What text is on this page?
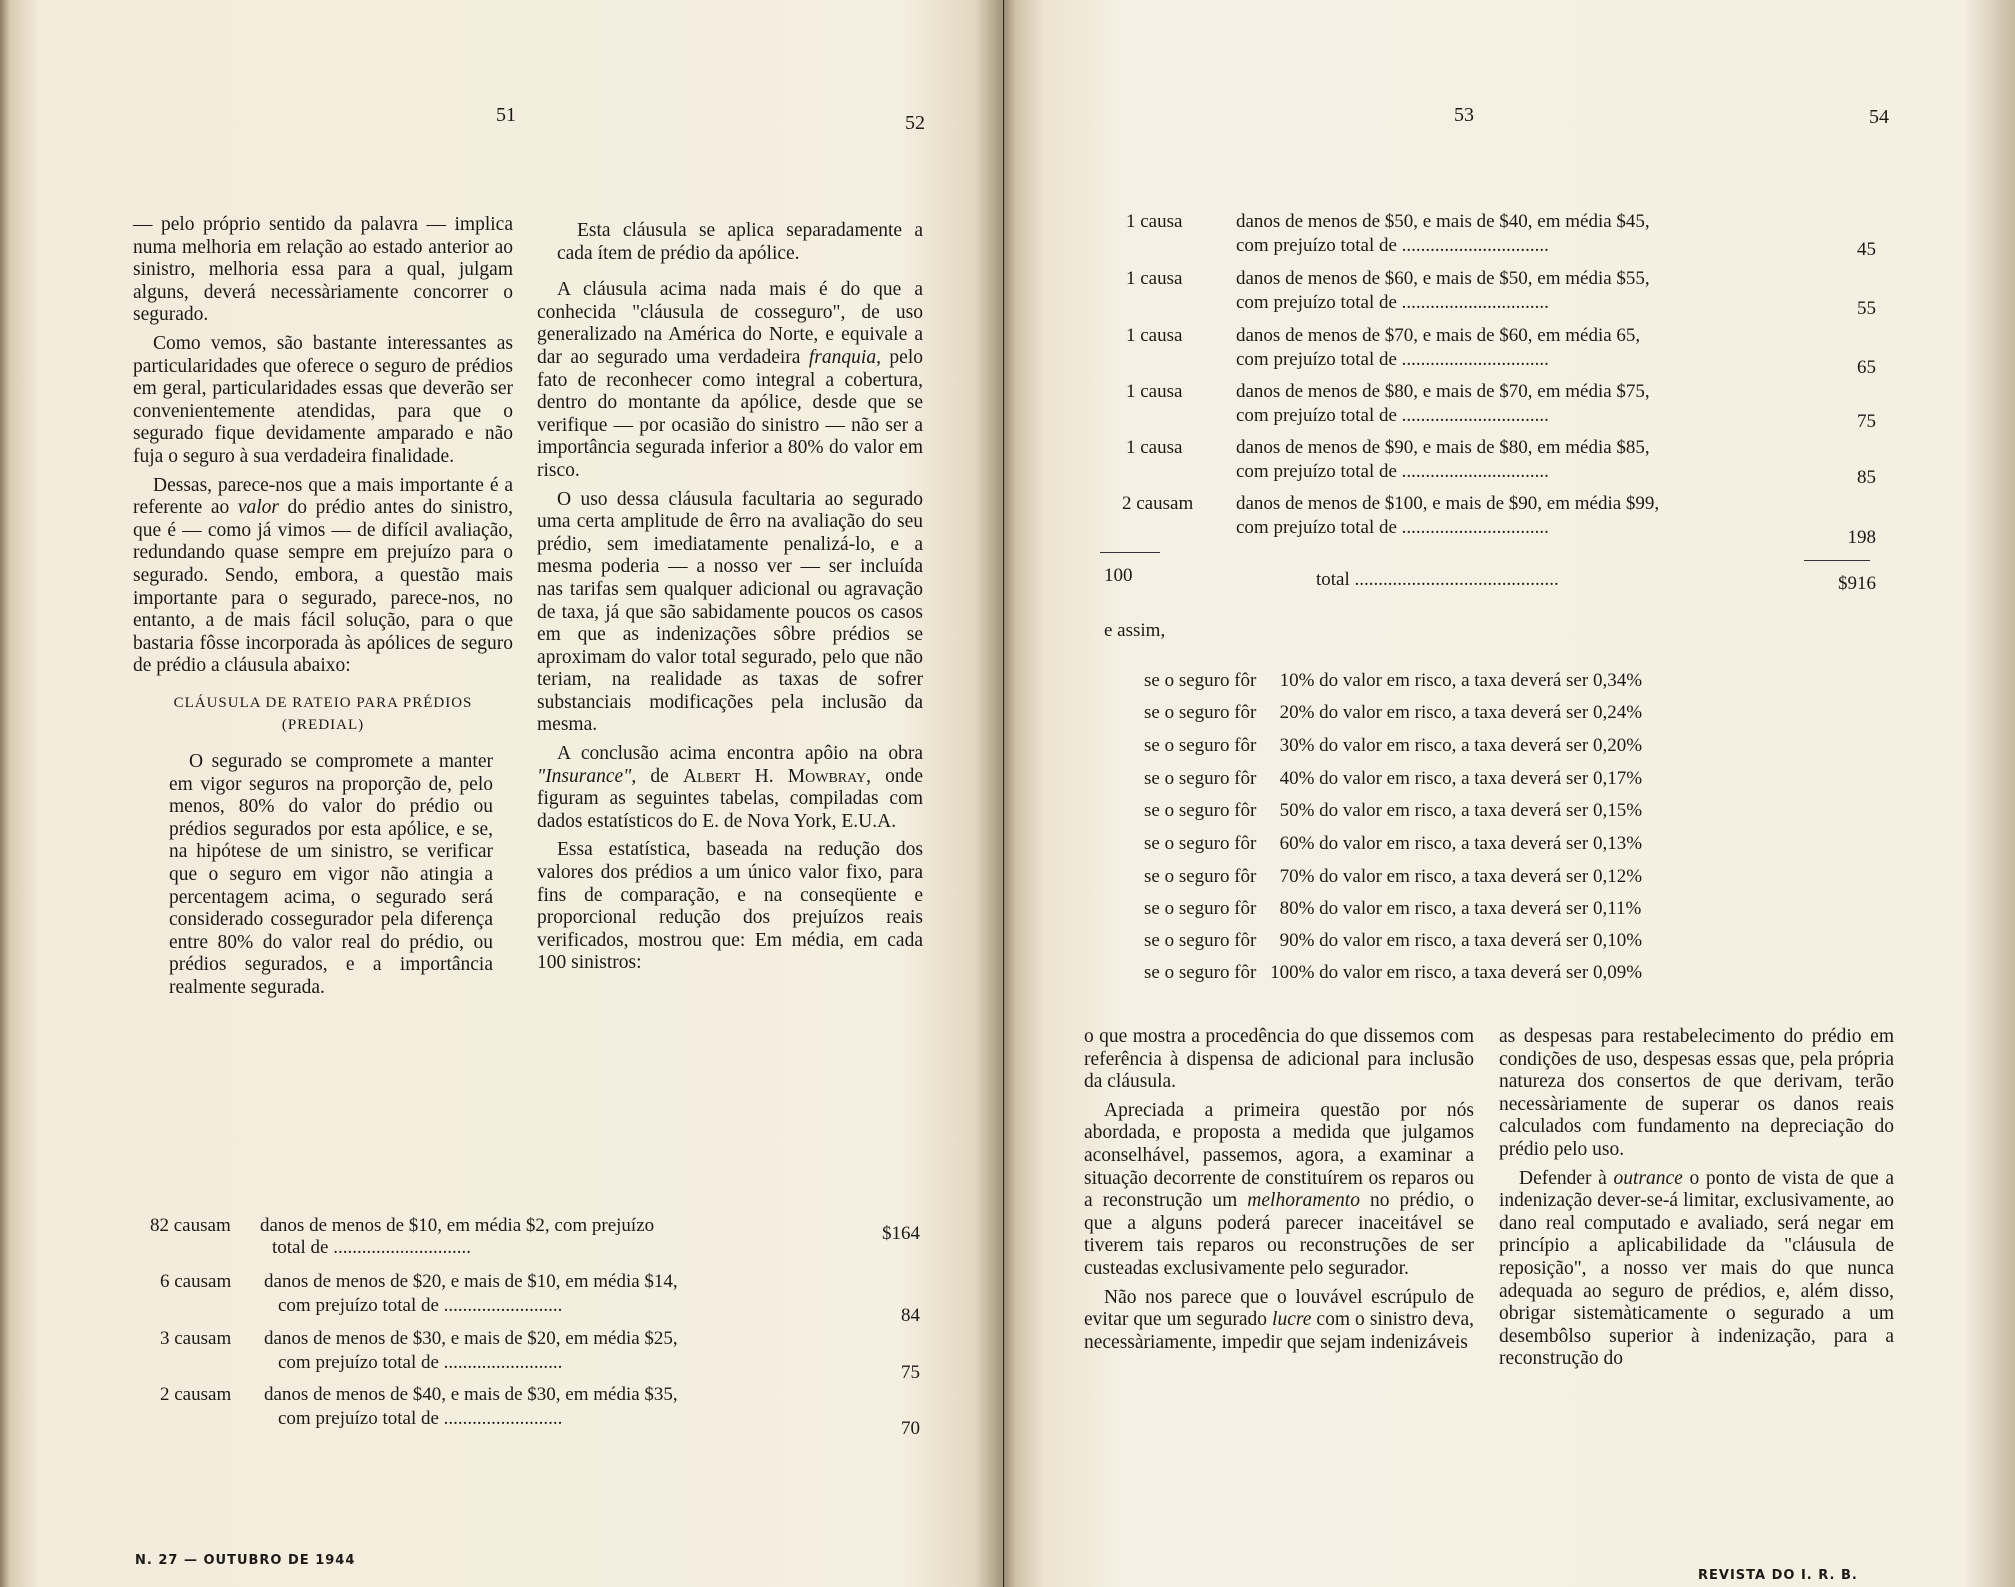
51	52

— pelo próprio sentido da palavra — implica numa melhoria em relação ao estado anterior ao sinistro, melhoria essa para a qual, julgam alguns, deverá necessàriamente concorrer o segurado.

Como vemos, são bastante interessantes as particularidades que oferece o seguro de prédios em geral, particularidades essas que deverão ser convenientemente atendidas, para que o segurado fique devidamente amparado e não fuja o seguro à sua verdadeira finalidade.

Dessas, parece-nos que a mais importante é a referente ao valor do prédio antes do sinistro, que é — como já vimos — de difícil avaliação, redundando quase sempre em prejuízo para o segurado. Sendo, embora, a questão mais importante para o segurado, parece-nos, no entanto, a de mais fácil solução, para o que bastaria fôsse incorporada às apólices de seguro de prédio a cláusula abaixo:

CLÁUSULA DE RATEIO PARA PRÉDIOS
(PREDIAL)

O segurado se compromete a manter em vigor seguros na proporção de, pelo menos, 80% do valor do prédio ou prédios segurados por esta apólice, e se, na hipótese de um sinistro, se verificar que o seguro em vigor não atingia a percentagem acima, o segurado será considerado cossegurador pela diferença entre 80% do valor real do prédio, ou prédios segurados, e a importância realmente segurada.

Esta cláusula se aplica separadamente a cada ítem de prédio da apólice.

A cláusula acima nada mais é do que a conhecida "cláusula de cosseguro", de uso generalizado na América do Norte, e equivale a dar ao segurado uma verdadeira franquia, pelo fato de reconhecer como integral a cobertura, dentro do montante da apólice, desde que se verifique — por ocasião do sinistro — não ser a importância segurada inferior a 80% do valor em risco.

O uso dessa cláusula facultaria ao segurado uma certa amplitude de êrro na avaliação do seu prédio, sem imediatamente penalizá-lo, e a mesma poderia — a nosso ver — ser incluída nas tarifas sem qualquer adicional ou agravação de taxa, já que são sabidamente poucos os casos em que as indenizações sôbre prédios se aproximam do valor total segurado, pelo que não teriam, na realidade as taxas de sofrer substanciais modificações pela inclusão da mesma.

A conclusão acima encontra apôio na obra "Insurance", de Albert H. Mowbray, onde figuram as seguintes tabelas, compiladas com dados estatísticos do E. de Nova York, E.U.A.

Essa estatística, baseada na redução dos valores dos prédios a um único valor fixo, para fins de comparação, e na conseqüente e proporcional redução dos prejuízos reais verificados, mostrou que: Em média, em cada 100 sinistros:

82 causam	danos de menos de $10, em média $2, com prejuízo
total de .............................
$164
6 causam	danos de menos de $20, e mais de $10, em média $14,
com prejuízo total de .........................	84
3 causam	danos de menos de $30, e mais de $20, em média $25,
com prejuízo total de .........................	75
2 causam	danos de menos de $40, e mais de $30, em média $35,
com prejuízo total de .........................	70
N. 27 — OUTUBRO DE 1944
53	54
1 causa	danos de menos de $50, e mais de $40, em média $45,
com prejuízo total de ...............................	45
1 causa	danos de menos de $60, e mais de $50, em média $55,
com prejuízo total de ...............................	55
1 causa	danos de menos de $70, e mais de $60, em média 65,
com prejuízo total de ...............................	65
1 causa	danos de menos de $80, e mais de $70, em média $75,
com prejuízo total de ...............................	75
1 causa	danos de menos de $90, e mais de $80, em média $85,
com prejuízo total de ...............................	85
2 causam	danos de menos de $100, e mais de $90, em média $99,
com prejuízo total de ...............................	198
100	total ...........................................	$916
e assim,
se o seguro fôr 10% do valor em risco, a taxa deverá ser 0,34%
se o seguro fôr 20% do valor em risco, a taxa deverá ser 0,24%
se o seguro fôr 30% do valor em risco, a taxa deverá ser 0,20%
se o seguro fôr 40% do valor em risco, a taxa deverá ser 0,17%
se o seguro fôr 50% do valor em risco, a taxa deverá ser 0,15%
se o seguro fôr 60% do valor em risco, a taxa deverá ser 0,13%
se o seguro fôr 70% do valor em risco, a taxa deverá ser 0,12%
se o seguro fôr 80% do valor em risco, a taxa deverá ser 0,11%
se o seguro fôr 90% do valor em risco, a taxa deverá ser 0,10%
se o seguro fôr 100% do valor em risco, a taxa deverá ser 0,09%

o que mostra a procedência do que dissemos com referência à dispensa de adicional para inclusão da cláusula.

Apreciada a primeira questão por nós abordada, e proposta a medida que julgamos aconselhável, passemos, agora, a examinar a situação decorrente de constituírem os reparos ou a reconstrução um melhoramento no prédio, o que a alguns poderá parecer inaceitável se tiverem tais reparos ou reconstruções de ser custeadas exclusivamente pelo segurador.

Não nos parece que o louvável escrúpulo de evitar que um segurado lucre com o sinistro deva, necessàriamente, impedir que sejam indenizáveis

as despesas para restabelecimento do prédio em condições de uso, despesas essas que, pela própria natureza dos consertos de que derivam, terão necessàriamente de superar os danos reais calculados com fundamento na depreciação do prédio pelo uso.

Defender à outrance o ponto de vista de que a indenização dever-se-á limitar, exclusivamente, ao dano real computado e avaliado, será negar em princípio a aplicabilidade da "cláusula de reposição", a nosso ver mais do que nunca adequada ao seguro de prédios, e, além disso, obrigar sistemàticamente o segurado a um desembôlso superior à indenização, para a reconstrução do

REVISTA DO I. R. B.
